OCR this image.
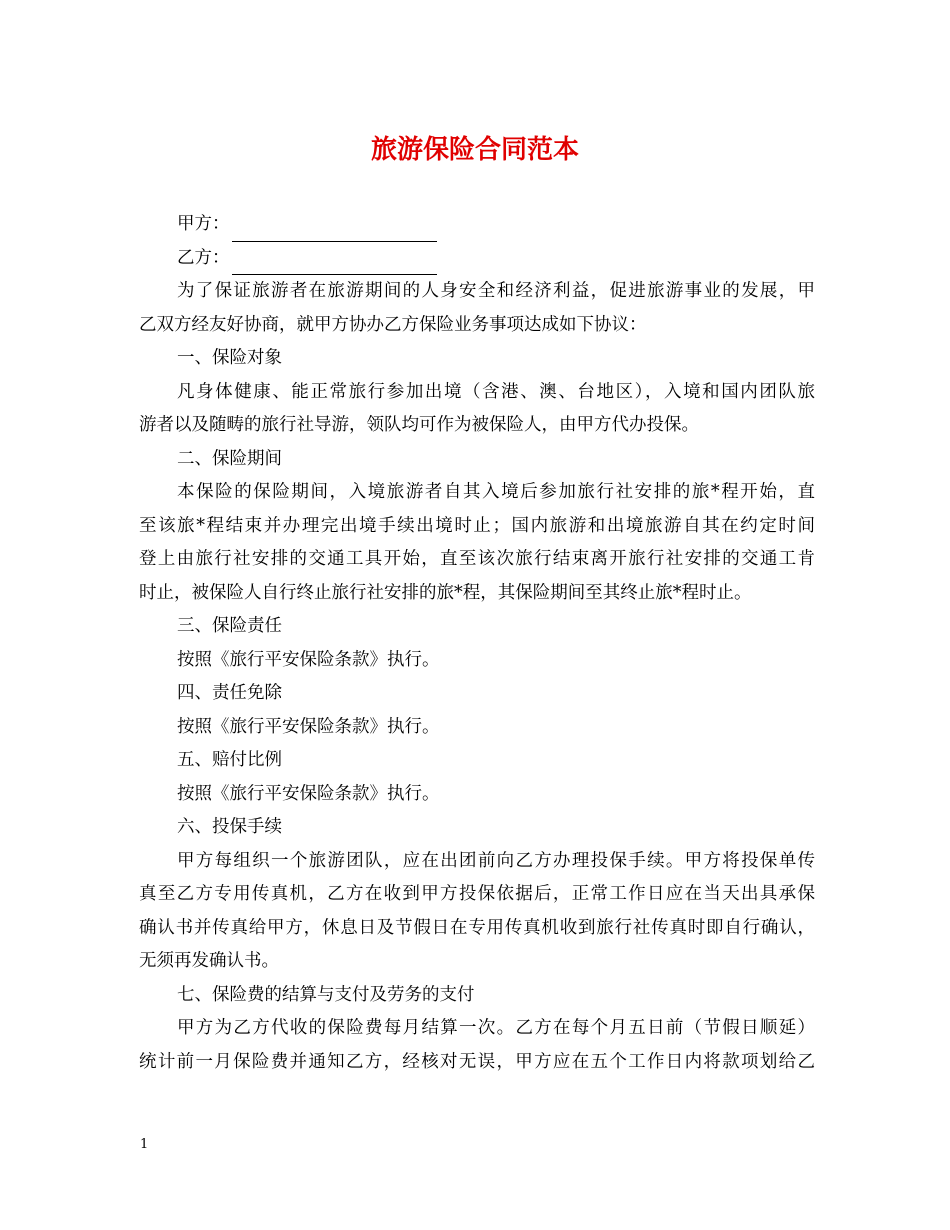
旅游保险合同范本
甲方：
乙方：
为了保证旅游者在旅游期间的人身安全和经济利益，促进旅游事业的发展，甲
乙双方经友好协商，就甲方协办乙方保险业务事项达成如下协议：
一、保险对象
凡身体健康、能正常旅行参加出境（含港、澳、台地区），入境和国内团队旅
游者以及随畴的旅行社导游，领队均可作为被保险人，由甲方代办投保。
二、保险期间
本保险的保险期间，入境旅游者自其入境后参加旅行社安排的旅*程开始，直
至该旅*程结束并办理完出境手续出境时止；国内旅游和出境旅游自其在约定时间
登上由旅行社安排的交通工具开始，直至该次旅行结束离开旅行社安排的交通工肯
时止，被保险人自行终止旅行社安排的旅*程，其保险期间至其终止旅*程时止。
三、保险责任
按照《旅行平安保险条款》执行。
四、责任免除
按照《旅行平安保险条款》执行。
五、赔付比例
按照《旅行平安保险条款》执行。
六、投保手续
甲方每组织一个旅游团队，应在出团前向乙方办理投保手续。甲方将投保单传
真至乙方专用传真机，乙方在收到甲方投保依据后，正常工作日应在当天出具承保
确认书并传真给甲方，休息日及节假日在专用传真机收到旅行社传真时即自行确认，
无须再发确认书。
七、保险费的结算与支付及劳务的支付
甲方为乙方代收的保险费每月结算一次。乙方在每个月五日前（节假日顺延）
统计前一月保险费并通知乙方，经核对无误，甲方应在五个工作日内将款项划给乙
1
